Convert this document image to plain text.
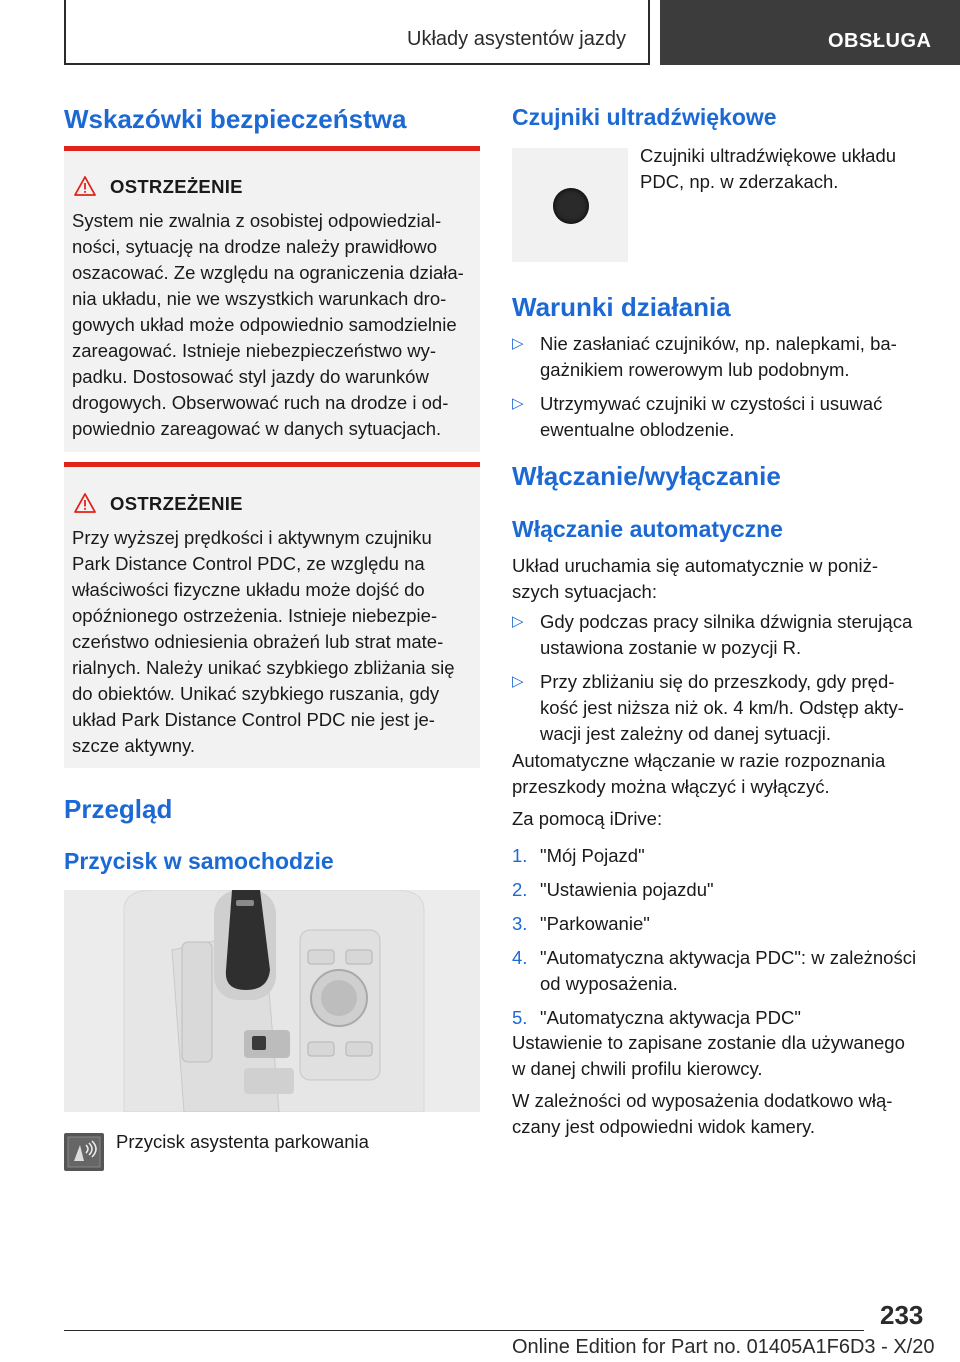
Układy asystentów jazdy	OBSŁUGA
Wskazówki bezpieczeństwa
OSTRZEŻENIE
System nie zwalnia z osobistej odpowiedzial-
ności, sytuację na drodze należy prawidłowo
oszacować. Ze względu na ograniczenia działa-
nia układu, nie we wszystkich warunkach dro-
gowych układ może odpowiednio samodzielnie
zareagować. Istnieje niebezpieczeństwo wy-
padku. Dostosować styl jazdy do warunków
drogowych. Obserwować ruch na drodze i od-
powiednio zareagować w danych sytuacjach.
OSTRZEŻENIE
Przy wyższej prędkości i aktywnym czujniku
Park Distance Control PDC, ze względu na
właściwości fizyczne układu może dojść do
opóźnionego ostrzeżenia. Istnieje niebezpie-
czeństwo odniesienia obrażeń lub strat mate-
rialnych. Należy unikać szybkiego zbliżania się
do obiektów. Unikać szybkiego ruszania, gdy
układ Park Distance Control PDC nie jest je-
szcze aktywny.
Przegląd
Przycisk w samochodzie
Przycisk asystenta parkowania
Czujniki ultradźwiękowe
Czujniki ultradźwiękowe układu
PDC, np. w zderzakach.
Warunki działania
▷ Nie zasłaniać czujników, np. nalepkami, ba-
gażnikiem rowerowym lub podobnym.
▷ Utrzymywać czujniki w czystości i usuwać
ewentualne oblodzenie.
Włączanie/wyłączanie
Włączanie automatyczne
Układ uruchamia się automatycznie w poniż-
szych sytuacjach:
▷ Gdy podczas pracy silnika dźwignia sterująca
ustawiona zostanie w pozycji R.
▷ Przy zbliżaniu się do przeszkody, gdy pręd-
kość jest niższa niż ok. 4 km/h. Odstęp akty-
wacji jest zależny od danej sytuacji.
Automatyczne włączanie w razie rozpoznania
przeszkody można włączyć i wyłączyć.
Za pomocą iDrive:
1. "Mój Pojazd"
2. "Ustawienia pojazdu"
3. "Parkowanie"
4. "Automatyczna aktywacja PDC": w zależności
od wyposażenia.
5. "Automatyczna aktywacja PDC"
Ustawienie to zapisane zostanie dla używanego
w danej chwili profilu kierowcy.
W zależności od wyposażenia dodatkowo włą-
czany jest odpowiedni widok kamery.
233
Online Edition for Part no. 01405A1F6D3 - X/20
